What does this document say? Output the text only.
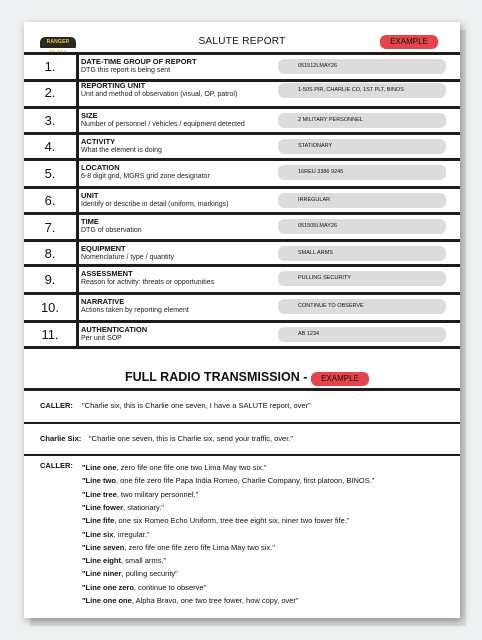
RANGER	SALUTE REPORT	EXAMPLE
1.	DATE-TIME GROUP OF REPORT
DTG this report is being sent
051512LMAY26
2.	REPORTING UNIT
Unit and method of observation (visual, OP, patrol)
1-50S PIR, CHARLIE CO, 1ST PLT, BINOS
3.	SIZE
Number of personnel / vehicles / equipment detected
2 MILITARY PERSONNEL
4.	ACTIVITY
What the element is doing
STATIONARY
5.	LOCATION
6-8 digit grid, MGRS grid zone designator
16REU 3386 9245
6.	UNIT
Identify or describe in detail (uniform, markings)
IRREGULAR
7.	TIME
DTG of observation
051505LMAY26
8.	EQUIPMENT
Nomenclature / type / quantity
SMALL ARMS
9.	ASSESSMENT
Reason for activity: threats or opportunities
PULLING SECURITY
10.	NARRATIVE
Actions taken by reporting element
CONTINUE TO OBSERVE
11.	AUTHENTICATION
Per unit SOP
AB 1234
FULL RADIO TRANSMISSION -	EXAMPLE
CALLER: "Charlie six, this is Charlie one seven, I have a SALUTE report, over"
Charlie Six: "Charlie one seven, this is Charlie six, send your traffic, over."
CALLER: "Line one, zero fife one fife one two Lima May two six."
"Line two, one fife zero fife Papa India Romeo, Charlie Company, first platoon, BINOS."
"Line tree, two military personnel."
"Line fower, stationary."
"Line fife, one six Romeo Echo Uniform, tree tree eight six, niner two fower fife."
"Line six, irregular."
"Line seven, zero fife one fife zero fife Lima May two six."
"Line eight, small arms."
"Line niner, pulling security"
"Line one zero, continue to observe"
"Line one one, Alpha Bravo, one two tree fower, how copy, over"
